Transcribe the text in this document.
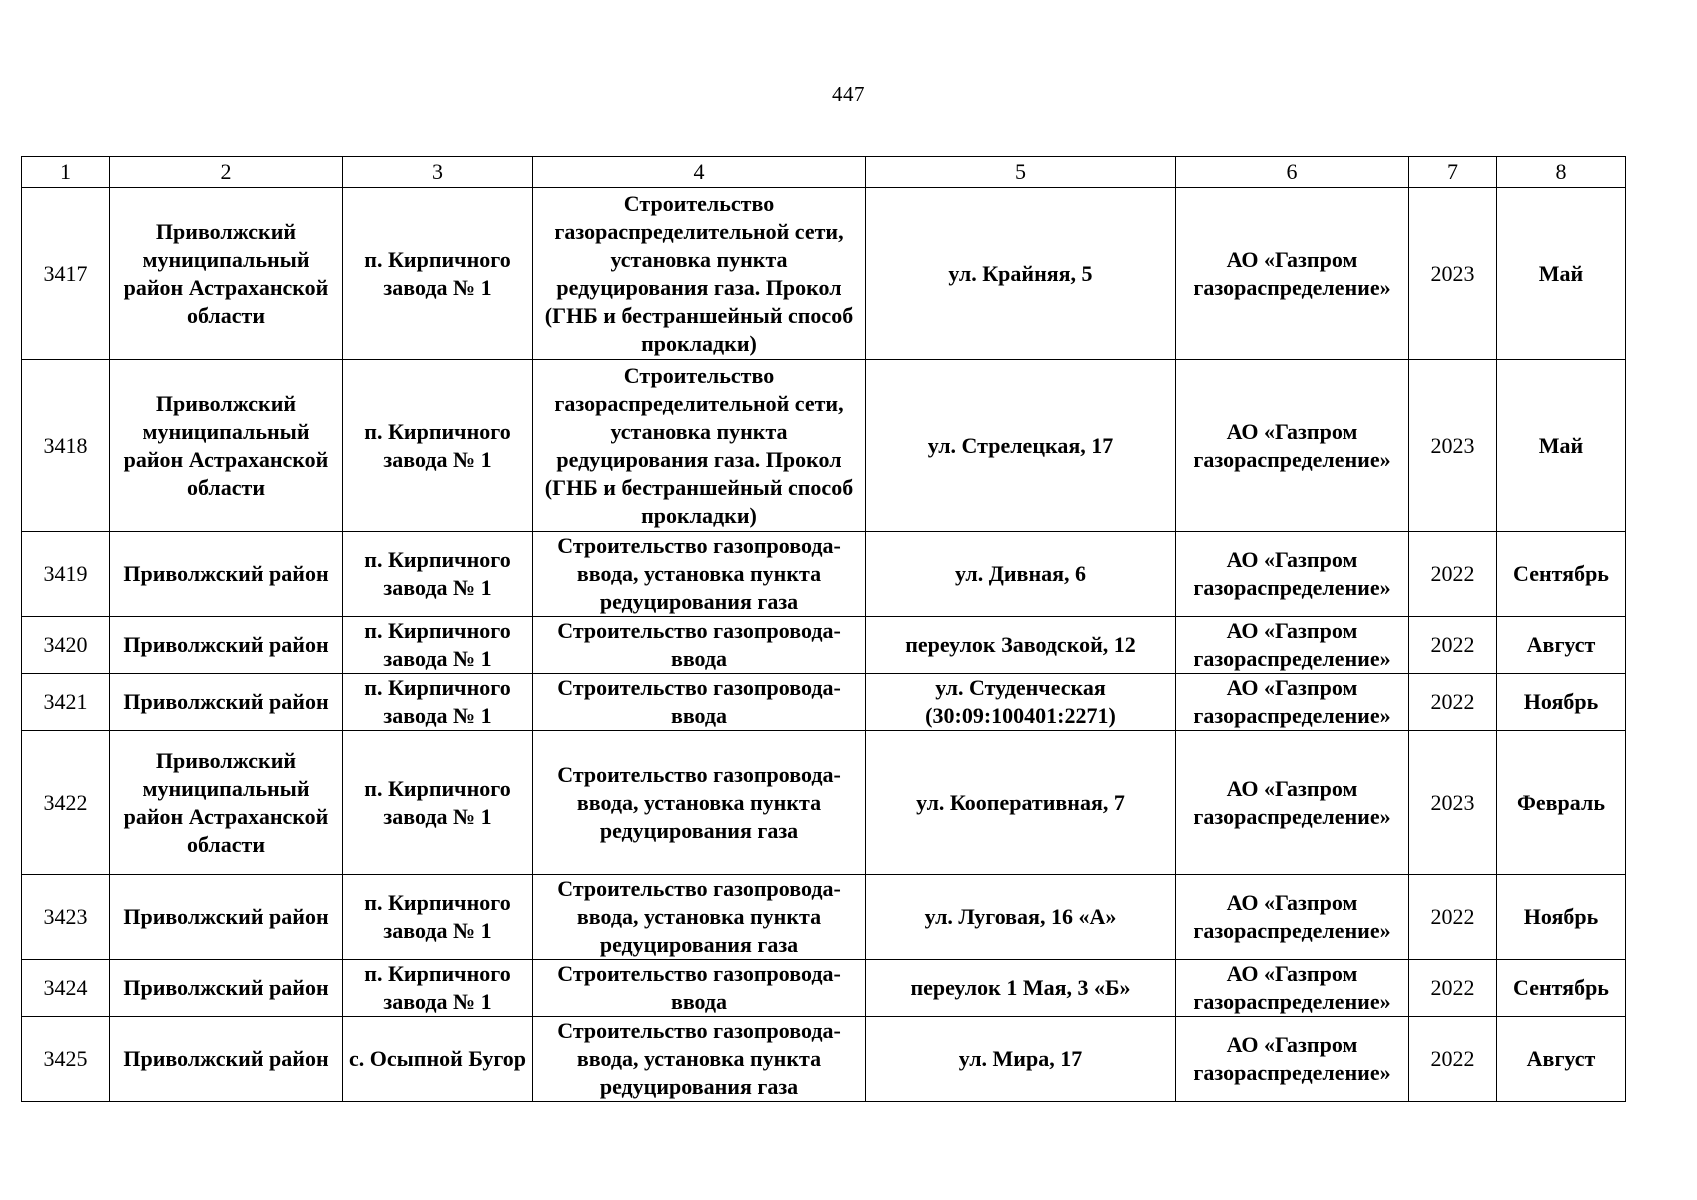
447
1	2	3	4	5	6	7	8
3417	Приволжский муниципальный район Астраханской области	п. Кирпичного завода № 1	Строительство газораспределительной сети, установка пункта редуцирования газа. Прокол (ГНБ и бестраншейный способ прокладки)	ул. Крайняя, 5	АО «Газпром газораспределение»	2023	Май
3418	Приволжский муниципальный район Астраханской области	п. Кирпичного завода № 1	Строительство газораспределительной сети, установка пункта редуцирования газа. Прокол (ГНБ и бестраншейный способ прокладки)	ул. Стрелецкая, 17	АО «Газпром газораспределение»	2023	Май
3419	Приволжский район	п. Кирпичного завода № 1	Строительство газопровода-ввода, установка пункта редуцирования газа	ул. Дивная, 6	АО «Газпром газораспределение»	2022	Сентябрь
3420	Приволжский район	п. Кирпичного завода № 1	Строительство газопровода-ввода	переулок Заводской, 12	АО «Газпром газораспределение»	2022	Август
3421	Приволжский район	п. Кирпичного завода № 1	Строительство газопровода-ввода	ул. Студенческая (30:09:100401:2271)	АО «Газпром газораспределение»	2022	Ноябрь
3422	Приволжский муниципальный район Астраханской области	п. Кирпичного завода № 1	Строительство газопровода-ввода, установка пункта редуцирования газа	ул. Кооперативная, 7	АО «Газпром газораспределение»	2023	Февраль
3423	Приволжский район	п. Кирпичного завода № 1	Строительство газопровода-ввода, установка пункта редуцирования газа	ул. Луговая, 16 «А»	АО «Газпром газораспределение»	2022	Ноябрь
3424	Приволжский район	п. Кирпичного завода № 1	Строительство газопровода-ввода	переулок 1 Мая, 3 «Б»	АО «Газпром газораспределение»	2022	Сентябрь
3425	Приволжский район	с. Осыпной Бугор	Строительство газопровода-ввода, установка пункта редуцирования газа	ул. Мира, 17	АО «Газпром газораспределение»	2022	Август
